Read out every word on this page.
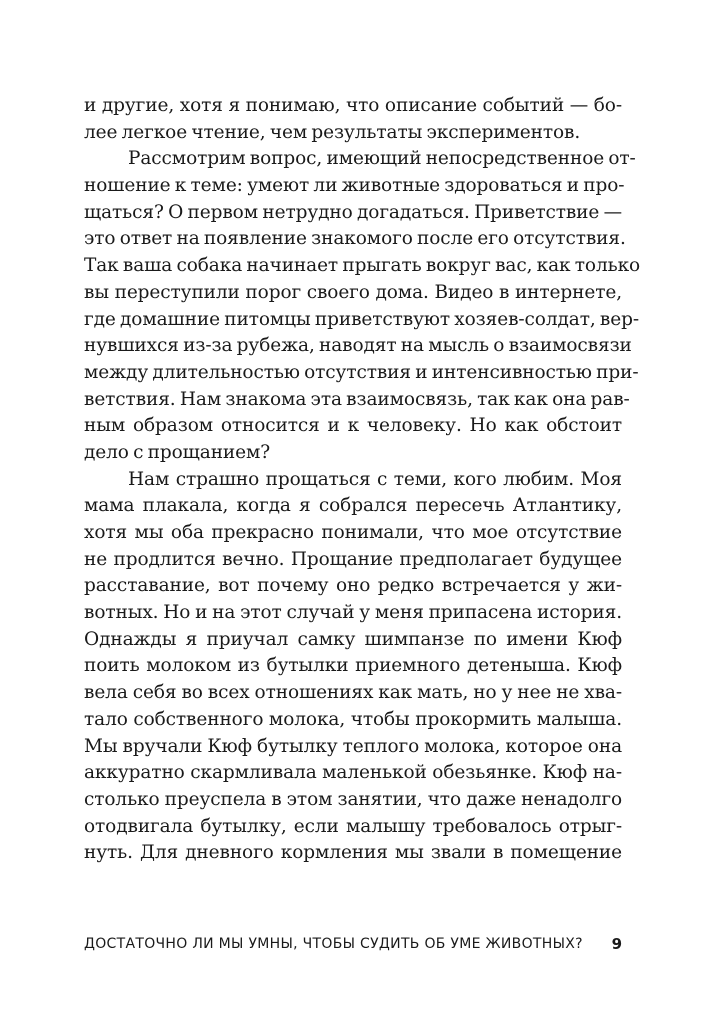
и другие, хотя я понимаю, что описание событий — бо-
лее легкое чтение, чем результаты экспериментов.
Рассмотрим вопрос, имеющий непосредственное от-
ношение к теме: умеют ли животные здороваться и про-
щаться? О первом нетрудно догадаться. Приветствие —
это ответ на появление знакомого после его отсутствия.
Так ваша собака начинает прыгать вокруг вас, как только
вы переступили порог своего дома. Видео в интернете,
где домашние питомцы приветствуют хозяев-солдат, вер-
нувшихся из-за рубежа, наводят на мысль о взаимосвязи
между длительностью отсутствия и интенсивностью при-
ветствия. Нам знакома эта взаимосвязь, так как она рав-
ным образом относится и к человеку. Но как обстоит
дело с прощанием?
Нам страшно прощаться с теми, кого любим. Моя
мама плакала, когда я собрался пересечь Атлантику,
хотя мы оба прекрасно понимали, что мое отсутствие
не продлится вечно. Прощание предполагает будущее
расставание, вот почему оно редко встречается у жи-
вотных. Но и на этот случай у меня припасена история.
Однажды я приучал самку шимпанзе по имени Кюф
поить молоком из бутылки приемного детеныша. Кюф
вела себя во всех отношениях как мать, но у нее не хва-
тало собственного молока, чтобы прокормить малыша.
Мы вручали Кюф бутылку теплого молока, которое она
аккуратно скармливала маленькой обезьянке. Кюф на-
столько преуспела в этом занятии, что даже ненадолго
отодвигала бутылку, если малышу требовалось отрыг-
нуть. Для дневного кормления мы звали в помещение
ДОСТАТОЧНО ЛИ МЫ УМНЫ, ЧТОБЫ СУДИТЬ ОБ УМЕ ЖИВОТНЫХ? 9
